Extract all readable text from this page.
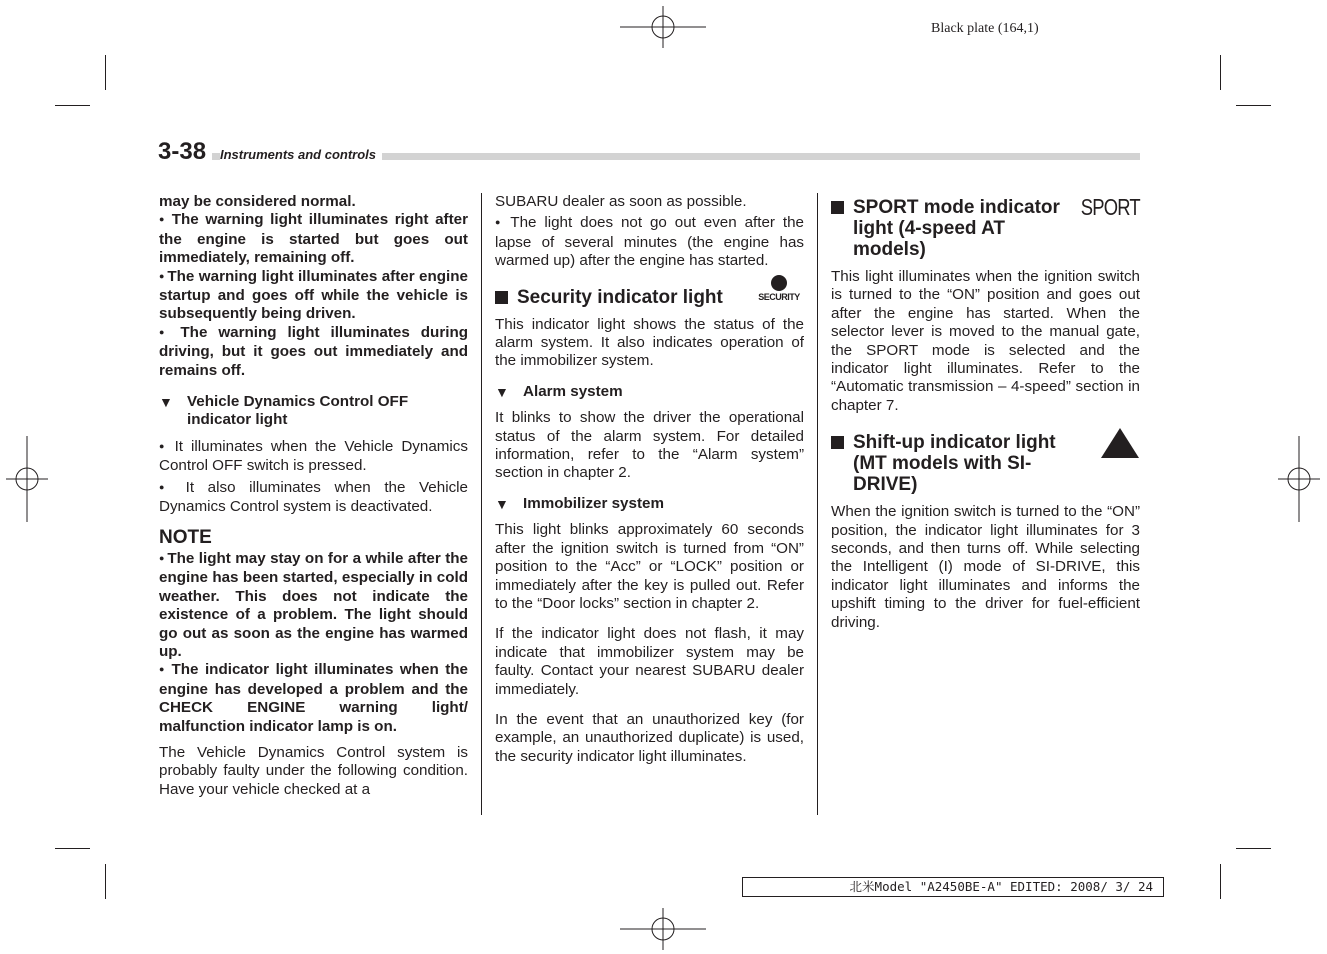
Black plate (164,1)
3-38	Instruments and controls

may be considered normal.

● The warning light illuminates right after the engine is started but goes out immediately, remaining off.

● The warning light illuminates after engine startup and goes off while the vehicle is subsequently being driven.

● The warning light illuminates during driving, but it goes out immediately and remains off.

▼ Vehicle Dynamics Control OFF indicator light

● It illuminates when the Vehicle Dynamics Control OFF switch is pressed.

● It also illuminates when the Vehicle Dynamics Control system is deactivated.

NOTE

● The light may stay on for a while after the engine has been started, especially in cold weather. This does not indicate the existence of a problem. The light should go out as soon as the engine has warmed up.

● The indicator light illuminates when the engine has developed a problem and the CHECK ENGINE warning light/ malfunction indicator lamp is on.

The Vehicle Dynamics Control system is probably faulty under the following condition. Have your vehicle checked at a

SUBARU dealer as soon as possible.

● The light does not go out even after the lapse of several minutes (the engine has warmed up) after the engine has started.

Security indicator light	SECURITY

This indicator light shows the status of the alarm system. It also indicates operation of the immobilizer system.

▼ Alarm system

It blinks to show the driver the operational status of the alarm system. For detailed information, refer to the “Alarm system” section in chapter 2.

▼ Immobilizer system

This light blinks approximately 60 seconds after the ignition switch is turned from “ON” position to the “Acc” or “LOCK” position or immediately after the key is pulled out. Refer to the “Door locks” section in chapter 2.

If the indicator light does not flash, it may indicate that immobilizer system may be faulty. Contact your nearest SUBARU dealer immediately.

In the event that an unauthorized key (for example, an unauthorized duplicate) is used, the security indicator light illuminates.

SPORT mode indicator light (4-speed AT models)
SPORT

This light illuminates when the ignition switch is turned to the “ON” position and goes out after the engine has started. When the selector lever is moved to the manual gate, the SPORT mode is selected and the indicator light illuminates. Refer to the “Automatic transmission – 4-speed” section in chapter 7.

Shift-up indicator light (MT models with SI-DRIVE)

When the ignition switch is turned to the “ON” position, the indicator light illuminates for 3 seconds, and then turns off. While selecting the Intelligent (I) mode of SI-DRIVE, this indicator light illuminates and informs the upshift timing to the driver for fuel-efficient driving.

北米Model "A2450BE-A" EDITED: 2008/ 3/ 24
